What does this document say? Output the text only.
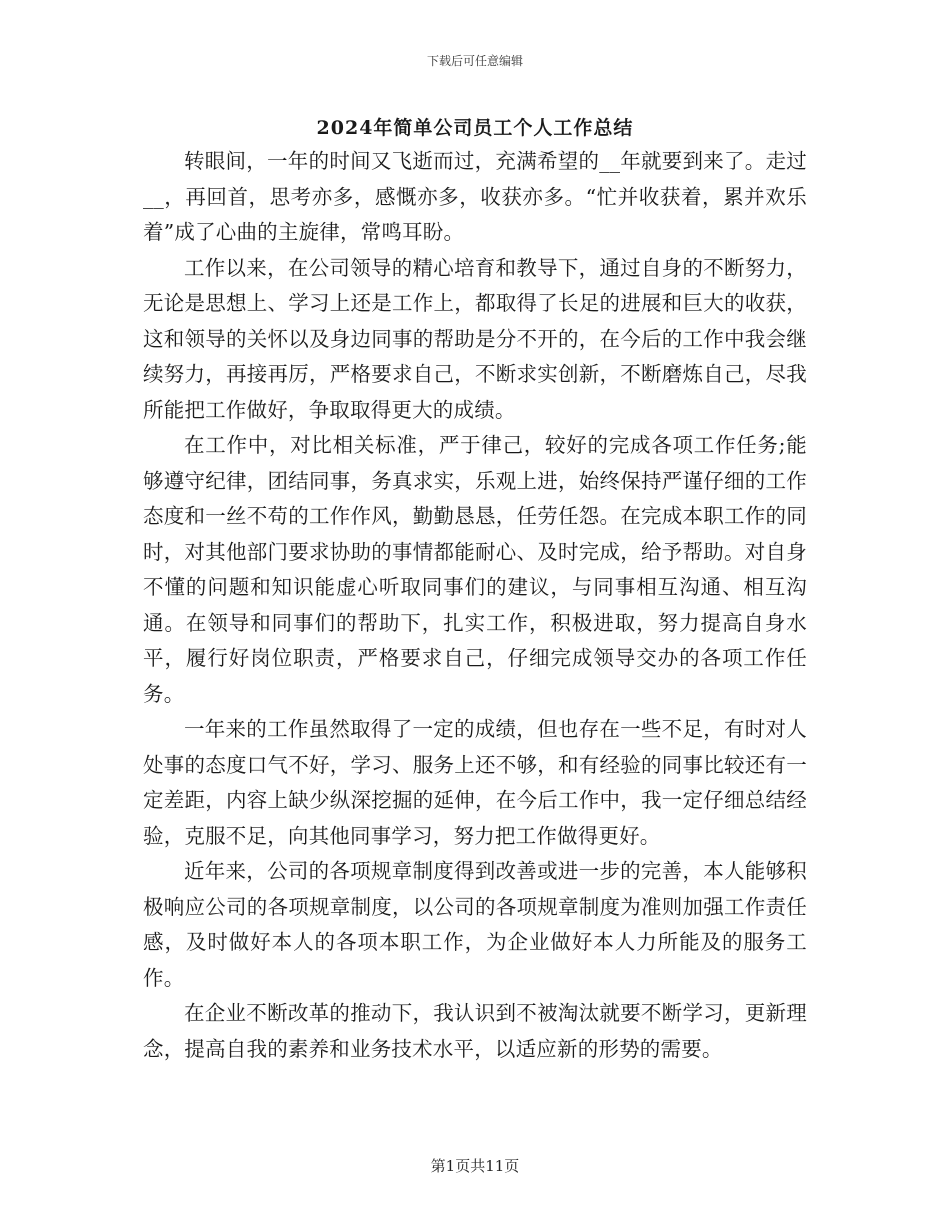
下载后可任意编辑
2024年简单公司员工个人工作总结

转眼间，一年的时间又飞逝而过，充满希望的__年就要到来了。走过__，再回首，思考亦多，感慨亦多，收获亦多。“忙并收获着，累并欢乐着”成了心曲的主旋律，常鸣耳盼。

工作以来，在公司领导的精心培育和教导下，通过自身的不断努力，无论是思想上、学习上还是工作上，都取得了长足的进展和巨大的收获，这和领导的关怀以及身边同事的帮助是分不开的，在今后的工作中我会继续努力，再接再厉，严格要求自己，不断求实创新，不断磨炼自己，尽我所能把工作做好，争取取得更大的成绩。

在工作中，对比相关标准，严于律己，较好的完成各项工作任务;能够遵守纪律，团结同事，务真求实，乐观上进，始终保持严谨仔细的工作态度和一丝不苟的工作作风，勤勤恳恳，任劳任怨。在完成本职工作的同时，对其他部门要求协助的事情都能耐心、及时完成，给予帮助。对自身不懂的问题和知识能虚心听取同事们的建议，与同事相互沟通、相互沟通。在领导和同事们的帮助下，扎实工作，积极进取，努力提高自身水平，履行好岗位职责，严格要求自己，仔细完成领导交办的各项工作任务。

一年来的工作虽然取得了一定的成绩，但也存在一些不足，有时对人处事的态度口气不好，学习、服务上还不够，和有经验的同事比较还有一定差距，内容上缺少纵深挖掘的延伸，在今后工作中，我一定仔细总结经验，克服不足，向其他同事学习，努力把工作做得更好。

近年来，公司的各项规章制度得到改善或进一步的完善，本人能够积极响应公司的各项规章制度，以公司的各项规章制度为准则加强工作责任感，及时做好本人的各项本职工作，为企业做好本人力所能及的服务工作。

在企业不断改革的推动下，我认识到不被淘汰就要不断学习，更新理念，提高自我的素养和业务技术水平，以适应新的形势的需要。

第1页共11页
